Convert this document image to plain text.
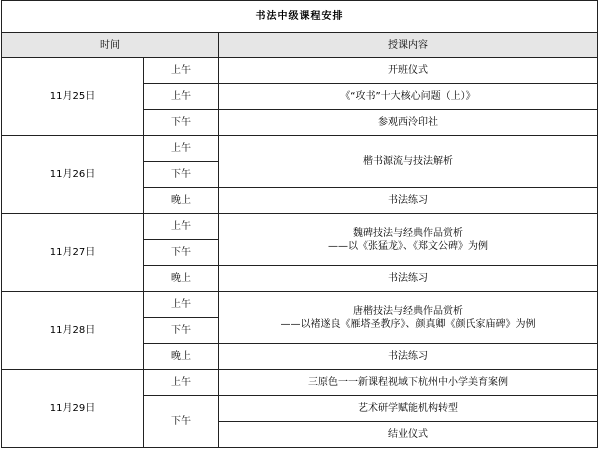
书法中级课程安排		
时间		授课内容
11月25日	上午	开班仪式
	上午	《“攻书”十大核心问题（上）》
	下午	参观西泠印社
11月26日	上午	楷书源流与技法解析
	下午	
	晚上	书法练习
11月27日	上午	魏碑技法与经典作品赏析
——以《张猛龙》、《郑文公碑》为例

	下午	
	晚上	书法练习
11月28日	上午	唐楷技法与经典作品赏析
——以褚遂良《雁塔圣教序》、颜真卿《颜氏家庙碑》为例

	下午	
	晚上	书法练习
11月29日	上午	三原色一一新课程视域下杭州中小学美育案例
	下午	艺术研学赋能机构转型
		结业仪式
